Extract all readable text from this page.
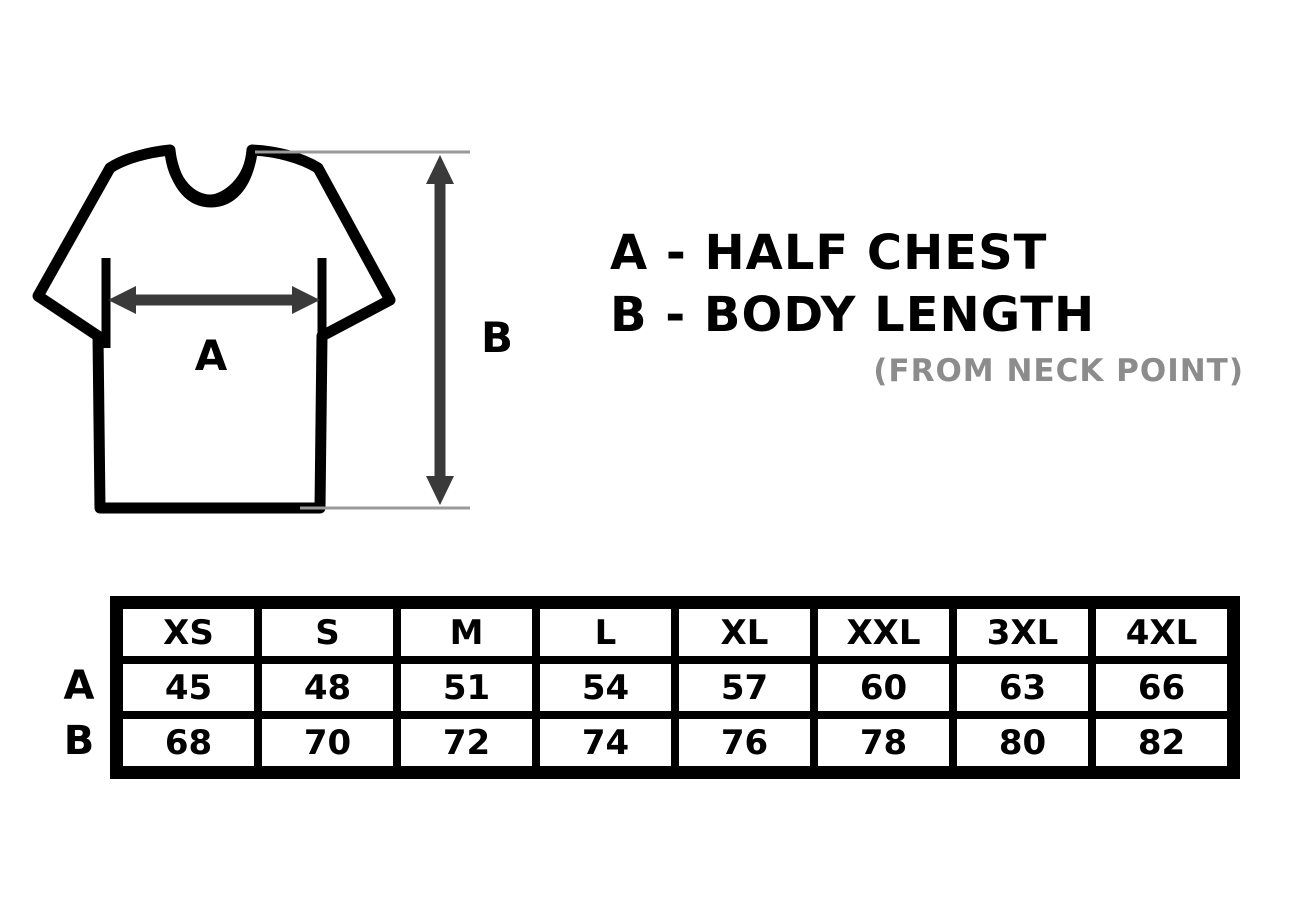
A	B
A - HALF CHEST
B - BODY LENGTH
(FROM NECK POINT)
A
B
XS	S	M	L	XL	XXL	3XL	4XL
45	48	51	54	57	60	63	66
68	70	72	74	76	78	80	82
